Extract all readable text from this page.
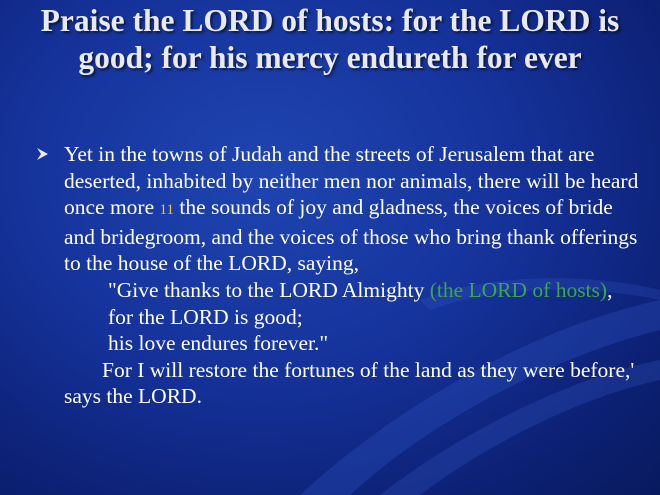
Praise the LORD of hosts: for the LORD is good; for his mercy endureth for ever
Yet in the towns of Judah and the streets of Jerusalem that are deserted, inhabited by neither men nor animals, there will be heard once more 11 the sounds of joy and gladness, the voices of bride and bridegroom, and the voices of those who bring thank offerings to the house of the LORD, saying,
"Give thanks to the LORD Almighty (the LORD of hosts),
for the LORD is good;
his love endures forever."
For I will restore the fortunes of the land as they were before,' says the LORD.
